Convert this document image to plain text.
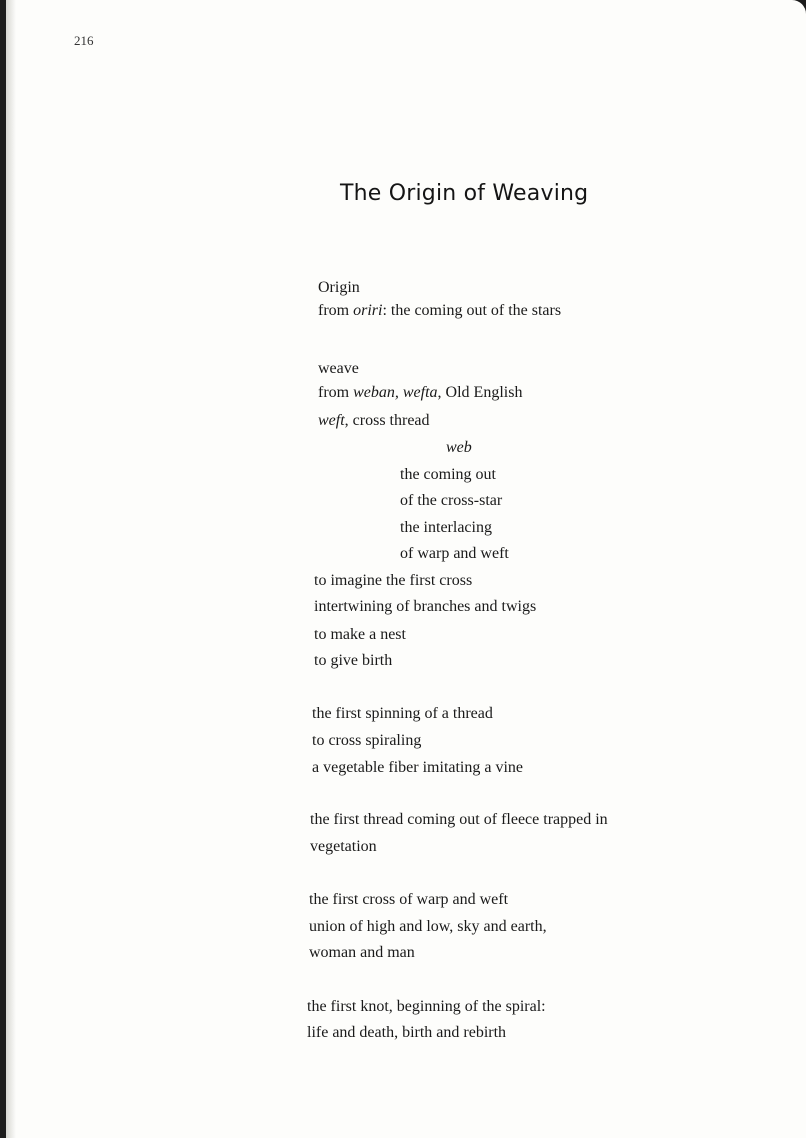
216
The Origin of Weaving
Origin
from oriri: the coming out of the stars
weave
from weban, wefta, Old English
weft, cross thread
web
the coming out
of the cross-star
the interlacing
of warp and weft
to imagine the first cross
intertwining of branches and twigs
to make a nest
to give birth
the first spinning of a thread
to cross spiraling
a vegetable fiber imitating a vine
the first thread coming out of fleece trapped in
vegetation
the first cross of warp and weft
union of high and low, sky and earth,
woman and man
the first knot, beginning of the spiral:
life and death, birth and rebirth
